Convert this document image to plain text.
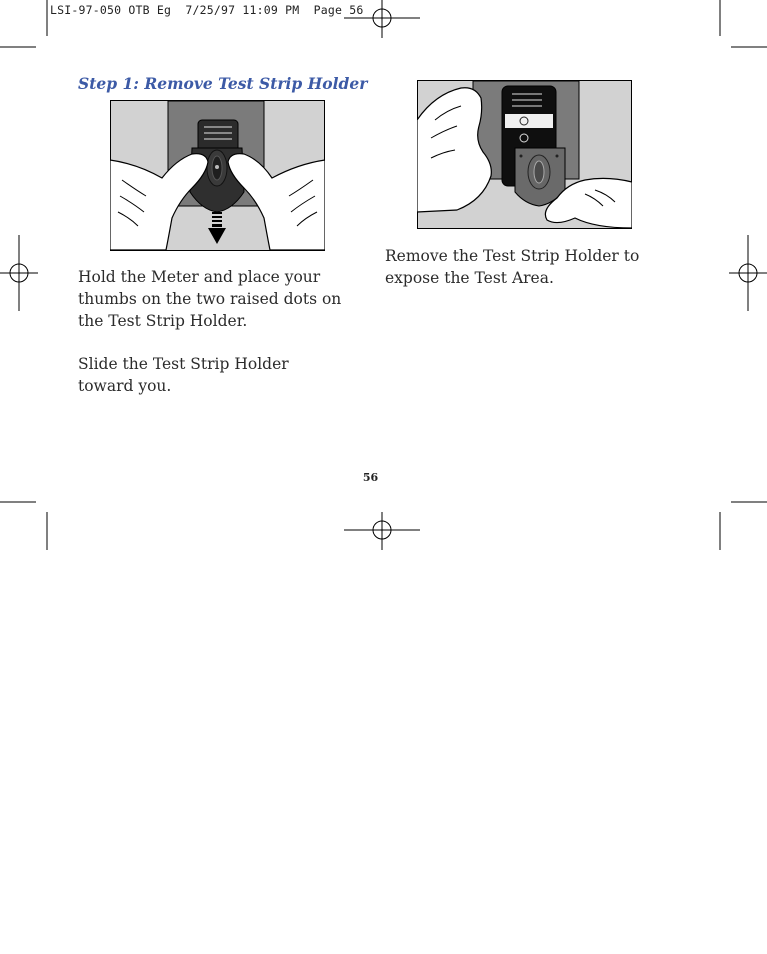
LSI-97-050 OTB Eg  7/25/97 11:09 PM  Page 56
Step 1: Remove Test Strip Holder

Hold the Meter and place your thumbs on the two raised dots on the Test Strip Holder.

Slide the Test Strip Holder toward you.

Remove the Test Strip Holder to expose the Test Area.

56
